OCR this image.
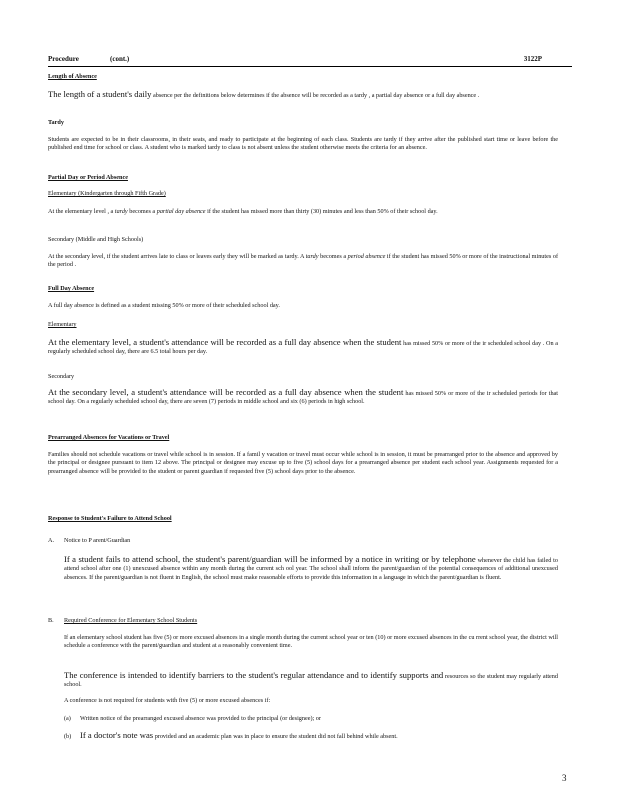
Procedure	(cont.)	3122P
Length of Absence
The length of a student's daily absence per the definitions below determines if the absence will be recorded as a tardy , a partial day absence or a full day absence .
Tardy
Students are expected to be in their classrooms, in their seats, and ready to participate at the beginning of each class. Students are tardy if they arrive after the published start time or leave before the published end time for school or class. A student who is marked tardy to class is not absent unless the student otherwise meets the criteria for an absence.
Partial Day or Period Absence
Elementary (Kindergarten through Fifth Grade)
At the elementary level , a tardy becomes a partial day absence if the student has missed more than thirty (30) minutes and less than 50% of their school day.
Secondary (Middle and High Schools)
At the secondary level, if the student arrives late to class or leaves early they will be marked as tardy. A tardy becomes a period absence if the student has missed 50% or more of the instructional minutes of the period .
Full Day Absence
A full day absence is defined as a student missing 50% or more of their scheduled school day.
Elementary
At the elementary level, a student's attendance will be recorded as a full day absence when the student has missed 50% or more of the ir scheduled school day . On a regularly scheduled school day, there are 6.5 total hours per day.
Secondary
At the secondary level, a student's attendance will be recorded as a full day absence when the student has missed 50% or more of the ir scheduled periods for that school day. On a regularly scheduled school day, there are seven (7) periods in middle school and six (6) periods in high school.
Prearranged Absences for Vacations or Travel
Families should not schedule vacations or travel while school is in session. If a famil y vacation or travel must occur while school is in session, it must be prearranged prior to the absence and approved by the principal or designee pursuant to item 12 above. The principal or designee may excuse up to five (5) school days for a prearranged absence per student each school year. Assignments requested for a prearranged absence will be provided to the student or parent guardian if requested five (5) school days prior to the absence.
Response to Student's Failure to Attend School
A. Notice to P arent/Guardian
If a student fails to attend school, the student's parent/guardian will be informed by a notice in writing or by telephone whenever the child has failed to attend school after one (1) unexcused absence within any month during the current sch ool year. The school shall inform the parent/guardian of the potential consequences of additional unexcused absences. If the parent/guardian is not fluent in English, the school must make reasonable efforts to provide this information in a language in which the parent/guardian is fluent.
B. Required Conference for Elementary School Students
If an elementary school student has five (5) or more excused absences in a single month during the current school year or ten (10) or more excused absences in the cu rrent school year, the district will schedule a conference with the parent/guardian and student at a reasonably convenient time.
The conference is intended to identify barriers to the student's regular attendance and to identify supports and resources so the student may regularly attend school.
A conference is not required for students with five (5) or more excused absences if:
(a) Written notice of the prearranged excused absence was provided to the principal (or designee); or
(b) If a doctor's note was provided and an academic plan was in place to ensure the student did not fall behind while absent.
3
